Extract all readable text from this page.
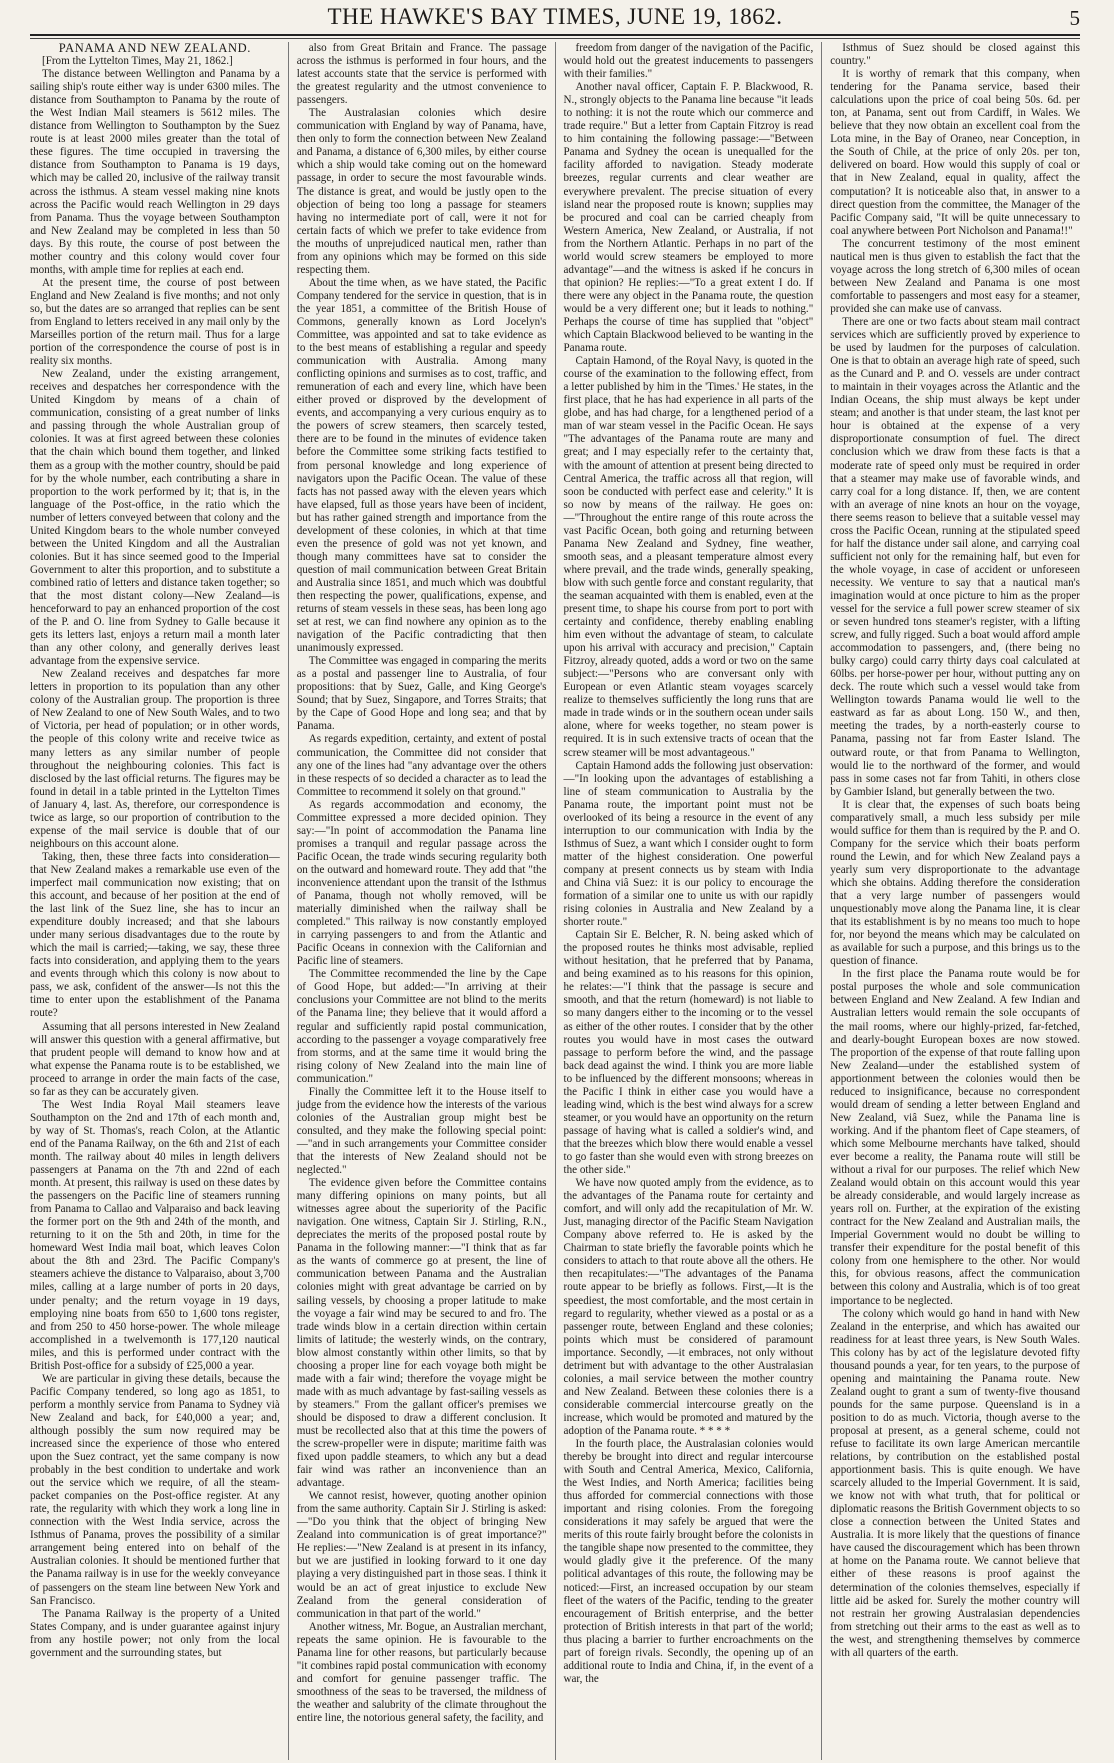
THE HAWKE'S BAY TIMES, JUNE 19, 1862.	5

PANAMA AND NEW ZEALAND.

[From the Lyttelton Times, May 21, 1862.]

The distance between Wellington and Panama by a sailing ship's route either way is under 6300 miles. The distance from Southampton to Panama by the route of the West Indian Mail steamers is 5612 miles. The distance from Wellington to Southampton by the Suez route is at least 2000 miles greater than the total of these figures. The time occupied in traversing the distance from Southampton to Panama is 19 days, which may be called 20, inclusive of the railway transit across the isthmus. A steam vessel making nine knots across the Pacific would reach Wellington in 29 days from Panama. Thus the voyage between Southampton and New Zealand may be completed in less than 50 days. By this route, the course of post between the mother country and this colony would cover four months, with ample time for replies at each end.

At the present time, the course of post between England and New Zealand is five months; and not only so, but the dates are so arranged that replies can be sent from England to letters received in any mail only by the Marseilles portion of the return mail. Thus for a large portion of the correspondence the course of post is in reality six months.

New Zealand, under the existing arrangement, receives and despatches her correspondence with the United Kingdom by means of a chain of communication, consisting of a great number of links and passing through the whole Australian group of colonies. It was at first agreed between these colonies that the chain which bound them together, and linked them as a group with the mother country, should be paid for by the whole number, each contributing a share in proportion to the work performed by it; that is, in the language of the Post-office, in the ratio which the number of letters conveyed between that colony and the United Kingdom bears to the whole number conveyed between the United Kingdom and all the Australian colonies. But it has since seemed good to the Imperial Government to alter this proportion, and to substitute a combined ratio of letters and distance taken together; so that the most distant colony—New Zealand—is henceforward to pay an enhanced proportion of the cost of the P. and O. line from Sydney to Galle because it gets its letters last, enjoys a return mail a month later than any other colony, and generally derives least advantage from the expensive service.

New Zealand receives and despatches far more letters in proportion to its population than any other colony of the Australian group. The proportion is three of New Zealand to one of New South Wales, and to two of Victoria, per head of population; or in other words, the people of this colony write and receive twice as many letters as any similar number of people throughout the neighbouring colonies. This fact is disclosed by the last official returns. The figures may be found in detail in a table printed in the Lyttelton Times of January 4, last. As, therefore, our correspondence is twice as large, so our proportion of contribution to the expense of the mail service is double that of our neighbours on this account alone.

Taking, then, these three facts into consideration—that New Zealand makes a remarkable use even of the imperfect mail communication now existing; that on this account, and because of her position at the end of the last link of the Suez line, she has to incur an expenditure doubly increased; and that she labours under many serious disadvantages due to the route by which the mail is carried;—taking, we say, these three facts into consideration, and applying them to the years and events through which this colony is now about to pass, we ask, confident of the answer—Is not this the time to enter upon the establishment of the Panama route?

Assuming that all persons interested in New Zealand will answer this question with a general affirmative, but that prudent people will demand to know how and at what expense the Panama route is to be established, we proceed to arrange in order the main facts of the case, so far as they can be accurately given.

The West India Royal Mail steamers leave Southampton on the 2nd and 17th of each month and, by way of St. Thomas's, reach Colon, at the Atlantic end of the Panama Railway, on the 6th and 21st of each month. The railway about 40 miles in length delivers passengers at Panama on the 7th and 22nd of each month. At present, this railway is used on these dates by the passengers on the Pacific line of steamers running from Panama to Callao and Valparaiso and back leaving the former port on the 9th and 24th of the month, and returning to it on the 5th and 20th, in time for the homeward West India mail boat, which leaves Colon about the 8th and 23rd. The Pacific Company's steamers achieve the distance to Valparaiso, about 3,700 miles, calling at a large number of ports in 20 days, under penalty; and the return voyage in 19 days, employing nine boats from 650 to 1,600 tons register, and from 250 to 450 horse-power. The whole mileage accomplished in a twelvemonth is 177,120 nautical miles, and this is performed under contract with the British Post-office for a subsidy of £25,000 a year.

We are particular in giving these details, because the Pacific Company tendered, so long ago as 1851, to perform a monthly service from Panama to Sydney vià New Zealand and back, for £40,000 a year; and, although possibly the sum now required may be increased since the experience of those who entered upon the Suez contract, yet the same company is now probably in the best condition to undertake and work out the service which we require, of all the steam-packet companies on the Post-office register. At any rate, the regularity with which they work a long line in connection with the West India service, across the Isthmus of Panama, proves the possibility of a similar arrangement being entered into on behalf of the Australian colonies. It should be mentioned further that the Panama railway is in use for the weekly conveyance of passengers on the steam line between New York and San Francisco.

The Panama Railway is the property of a United States Company, and is under guarantee against injury from any hostile power; not only from the local government and the surrounding states, but

also from Great Britain and France. The passage across the isthmus is performed in four hours, and the latest accounts state that the service is performed with the greatest regularity and the utmost convenience to passengers.

The Australasian colonies which desire communication with England by way of Panama, have, then only to form the connection between New Zealand and Panama, a distance of 6,300 miles, by either course which a ship would take coming out on the homeward passage, in order to secure the most favourable winds. The distance is great, and would be justly open to the objection of being too long a passage for steamers having no intermediate port of call, were it not for certain facts of which we prefer to take evidence from the mouths of unprejudiced nautical men, rather than from any opinions which may be formed on this side respecting them.

About the time when, as we have stated, the Pacific Company tendered for the service in question, that is in the year 1851, a committee of the British House of Commons, generally known as Lord Jocelyn's Committee, was appointed and sat to take evidence as to the best means of establishing a regular and speedy communication with Australia. Among many conflicting opinions and surmises as to cost, traffic, and remuneration of each and every line, which have been either proved or disproved by the development of events, and accompanying a very curious enquiry as to the powers of screw steamers, then scarcely tested, there are to be found in the minutes of evidence taken before the Committee some striking facts testified to from personal knowledge and long experience of navigators upon the Pacific Ocean. The value of these facts has not passed away with the eleven years which have elapsed, full as those years have been of incident, but has rather gained strength and importance from the development of these colonies, in which at that time even the presence of gold was not yet known, and though many committees have sat to consider the question of mail communication between Great Britain and Australia since 1851, and much which was doubtful then respecting the power, qualifications, expense, and returns of steam vessels in these seas, has been long ago set at rest, we can find nowhere any opinion as to the navigation of the Pacific contradicting that then unanimously expressed.

The Committee was engaged in comparing the merits as a postal and passenger line to Australia, of four propositions: that by Suez, Galle, and King George's Sound; that by Suez, Singapore, and Torres Straits; that by the Cape of Good Hope and long sea; and that by Panama.

As regards expedition, certainty, and extent of postal communication, the Committee did not consider that any one of the lines had "any advantage over the others in these respects of so decided a character as to lead the Committee to recommend it solely on that ground."

As regards accommodation and economy, the Committee expressed a more decided opinion. They say:—"In point of accommodation the Panama line promises a tranquil and regular passage across the Pacific Ocean, the trade winds securing regularity both on the outward and homeward route. They add that "the inconvenience attendant upon the transit of the Isthmus of Panama, though not wholly removed, will be materially diminished when the railway shall be completed." This railway is now constantly employed in carrying passengers to and from the Atlantic and Pacific Oceans in connexion with the Californian and Pacific line of steamers.

The Committee recommended the line by the Cape of Good Hope, but added:—"In arriving at their conclusions your Committee are not blind to the merits of the Panama line; they believe that it would afford a regular and sufficiently rapid postal communication, according to the passenger a voyage comparatively free from storms, and at the same time it would bring the rising colony of New Zealand into the main line of communication."

Finally the Committee left it to the House itself to judge from the evidence how the interests of the various colonies of the Australian group might best be consulted, and they make the following special point:—"and in such arrangements your Committee consider that the interests of New Zealand should not be neglected."

The evidence given before the Committee contains many differing opinions on many points, but all witnesses agree about the superiority of the Pacific navigation. One witness, Captain Sir J. Stirling, R.N., depreciates the merits of the proposed postal route by Panama in the following manner:—"I think that as far as the wants of commerce go at present, the line of communication between Panama and the Australian colonies might with great advantage be carried on by sailing vessels, by choosing a proper latitude to make the voyage a fair wind may be secured to and fro. The trade winds blow in a certain direction within certain limits of latitude; the westerly winds, on the contrary, blow almost constantly within other limits, so that by choosing a proper line for each voyage both might be made with a fair wind; therefore the voyage might be made with as much advantage by fast-sailing vessels as by steamers." From the gallant officer's premises we should be disposed to draw a different conclusion. It must be recollected also that at this time the powers of the screw-propeller were in dispute; maritime faith was fixed upon paddle steamers, to which any but a dead fair wind was rather an inconvenience than an advantage.

We cannot resist, however, quoting another opinion from the same authority. Captain Sir J. Stirling is asked:—"Do you think that the object of bringing New Zealand into communication is of great importance?" He replies:—"New Zealand is at present in its infancy, but we are justified in looking forward to it one day playing a very distinguished part in those seas. I think it would be an act of great injustice to exclude New Zealand from the general consideration of communication in that part of the world."

Another witness, Mr. Bogue, an Australian merchant, repeats the same opinion. He is favourable to the Panama line for other reasons, but particularly because "it combines rapid postal communication with economy and comfort for genuine passenger traffic. The smoothness of the seas to be traversed, the mildness of the weather and salubrity of the climate throughout the entire line, the notorious general safety, the facility, and

freedom from danger of the navigation of the Pacific, would hold out the greatest inducements to passengers with their families."

Another naval officer, Captain F. P. Blackwood, R. N., strongly objects to the Panama line because "it leads to nothing: it is not the route which our commerce and trade require." But a letter from Captain Fitzroy is read to him containing the following passage:—"Between Panama and Sydney the ocean is unequalled for the facility afforded to navigation. Steady moderate breezes, regular currents and clear weather are everywhere prevalent. The precise situation of every island near the proposed route is known; supplies may be procured and coal can be carried cheaply from Western America, New Zealand, or Australia, if not from the Northern Atlantic. Perhaps in no part of the world would screw steamers be employed to more advantage"—and the witness is asked if he concurs in that opinion? He replies:—"To a great extent I do. If there were any object in the Panama route, the question would be a very different one; but it leads to nothing." Perhaps the course of time has supplied that "object" which Captain Blackwood believed to be wanting in the Panama route.

Captain Hamond, of the Royal Navy, is quoted in the course of the examination to the following effect, from a letter published by him in the 'Times.' He states, in the first place, that he has had experience in all parts of the globe, and has had charge, for a lengthened period of a man of war steam vessel in the Pacific Ocean. He says "The advantages of the Panama route are many and great; and I may especially refer to the certainty that, with the amount of attention at present being directed to Central America, the traffic across all that region, will soon be conducted with perfect ease and celerity." It is so now by means of the railway. He goes on:—"Throughout the entire range of this route across the vast Pacific Ocean, both going and returning between Panama New Zealand and Sydney, fine weather, smooth seas, and a pleasant temperature almost every where prevail, and the trade winds, generally speaking, blow with such gentle force and constant regularity, that the seaman acquainted with them is enabled, even at the present time, to shape his course from port to port with certainty and confidence, thereby enabling enabling him even without the advantage of steam, to calculate upon his arrival with accuracy and precision," Captain Fitzroy, already quoted, adds a word or two on the same subject:—"Persons who are conversant only with European or even Atlantic steam voyages scarcely realize to themselves sufficiently the long runs that are made in trade winds or in the southern ocean under sails alone, where for weeks together, no steam power is required. It is in such extensive tracts of ocean that the screw steamer will be most advantageous."

Captain Hamond adds the following just observation:—"In looking upon the advantages of establishing a line of steam communication to Australia by the Panama route, the important point must not be overlooked of its being a resource in the event of any interruption to our communication with India by the Isthmus of Suez, a want which I consider ought to form matter of the highest consideration. One powerful company at present connects us by steam with India and China viâ Suez: it is our policy to encourage the formation of a similar one to unite us with our rapidly rising colonies in Australia and New Zealand by a shorter route."

Captain Sir E. Belcher, R. N. being asked which of the proposed routes he thinks most advisable, replied without hesitation, that he preferred that by Panama, and being examined as to his reasons for this opinion, he relates:—"I think that the passage is secure and smooth, and that the return (homeward) is not liable to so many dangers either to the incoming or to the vessel as either of the other routes. I consider that by the other routes you would have in most cases the outward passage to perform before the wind, and the passage back dead against the wind. I think you are more liable to be influenced by the different monsoons; whereas in the Pacific I think in either case you would have a leading wind, which is the best wind always for a screw steamer, or you would have an opportunity on the return passage of having what is called a soldier's wind, and that the breezes which blow there would enable a vessel to go faster than she would even with strong breezes on the other side."

We have now quoted amply from the evidence, as to the advantages of the Panama route for certainty and comfort, and will only add the recapitulation of Mr. W. Just, managing director of the Pacific Steam Navigation Company above referred to. He is asked by the Chairman to state briefly the favorable points which he considers to attach to that route above all the others. He then recapitulates:—"The advantages of the Panama route appear to be briefly as follows. First,—It is the speediest, the most comfortable, and the most certain in regard to regularity, whether viewed as a postal or as a passenger route, between England and these colonies; points which must be considered of paramount importance. Secondly, —it embraces, not only without detriment but with advantage to the other Australasian colonies, a mail service between the mother country and New Zealand. Between these colonies there is a considerable commercial intercourse greatly on the increase, which would be promoted and matured by the adoption of the Panama route. * * * *

In the fourth place, the Australasian colonies would thereby be brought into direct and regular intercourse with South and Central America, Mexico, California, the West Indies, and North America; facilities being thus afforded for commercial connections with those important and rising colonies. From the foregoing considerations it may safely be argued that were the merits of this route fairly brought before the colonists in the tangible shape now presented to the committee, they would gladly give it the preference. Of the many political advantages of this route, the following may be noticed:—First, an increased occupation by our steam fleet of the waters of the Pacific, tending to the greater encouragement of British enterprise, and the better protection of British interests in that part of the world; thus placing a barrier to further encroachments on the part of foreign rivals. Secondly, the opening up of an additional route to India and China, if, in the event of a war, the

Isthmus of Suez should be closed against this country."

It is worthy of remark that this company, when tendering for the Panama service, based their calculations upon the price of coal being 50s. 6d. per ton, at Panama, sent out from Cardiff, in Wales. We believe that they now obtain an excellent coal from the Lota mine, in the Bay of Oraneo, near Conception, in the South of Chile, at the price of only 20s. per ton, delivered on board. How would this supply of coal or that in New Zealand, equal in quality, affect the computation? It is noticeable also that, in answer to a direct question from the committee, the Manager of the Pacific Company said, "It will be quite unnecessary to coal anywhere between Port Nicholson and Panama!!"

The concurrent testimony of the most eminent nautical men is thus given to establish the fact that the voyage across the long stretch of 6,300 miles of ocean between New Zealand and Panama is one most comfortable to passengers and most easy for a steamer, provided she can make use of canvass.

There are one or two facts about steam mail contract services which are sufficiently proved by experience to be used by laudmen for the purposes of calculation. One is that to obtain an average high rate of speed, such as the Cunard and P. and O. vessels are under contract to maintain in their voyages across the Atlantic and the Indian Oceans, the ship must always be kept under steam; and another is that under steam, the last knot per hour is obtained at the expense of a very disproportionate consumption of fuel. The direct conclusion which we draw from these facts is that a moderate rate of speed only must be required in order that a steamer may make use of favorable winds, and carry coal for a long distance. If, then, we are content with an average of nine knots an hour on the voyage, there seems reason to believe that a suitable vessel may cross the Pacific Ocean, running at the stipulated speed for half the distance under sail alone, and carrying coal sufficient not only for the remaining half, but even for the whole voyage, in case of accident or unforeseen necessity. We venture to say that a nautical man's imagination would at once picture to him as the proper vessel for the service a full power screw steamer of six or seven hundred tons steamer's register, with a lifting screw, and fully rigged. Such a boat would afford ample accommodation to passengers, and, (there being no bulky cargo) could carry thirty days coal calculated at 60lbs. per horse-power per hour, without putting any on deck. The route which such a vessel would take from Wellington towards Panama would lie well to the eastward as far as about Long. 150 W., and then, meeting the trades, by a north-easterly course to Panama, passing not far from Easter Island. The outward route, or that from Panama to Wellington, would lie to the northward of the former, and would pass in some cases not far from Tahiti, in others close by Gambier Island, but generally between the two.

It is clear that, the expenses of such boats being comparatively small, a much less subsidy per mile would suffice for them than is required by the P. and O. Company for the service which their boats perform round the Lewin, and for which New Zealand pays a yearly sum very disproportionate to the advantage which she obtains. Adding therefore the consideration that a very large number of passengers would unquestionably move along the Panama line, it is clear that its establishment is by no means too much to hope for, nor beyond the means which may be calculated on as available for such a purpose, and this brings us to the question of finance.

In the first place the Panama route would be for postal purposes the whole and sole communication between England and New Zealand. A few Indian and Australian letters would remain the sole occupants of the mail rooms, where our highly-prized, far-fetched, and dearly-bought European boxes are now stowed. The proportion of the expense of that route falling upon New Zealand—under the established system of apportionment between the colonies would then be reduced to insignificance, because no correspondent would dream of sending a letter between England and New Zealand, viâ Suez, while the Panama line is working. And if the phantom fleet of Cape steamers, of which some Melbourne merchants have talked, should ever become a reality, the Panama route will still be without a rival for our purposes. The relief which New Zealand would obtain on this account would this year be already considerable, and would largely increase as years roll on. Further, at the expiration of the existing contract for the New Zealand and Australian mails, the Imperial Government would no doubt be willing to transfer their expenditure for the postal benefit of this colony from one hemisphere to the other. Nor would this, for obvious reasons, affect the communication between this colony and Australia, which is of too great importance to be neglected.

The colony which would go hand in hand with New Zealand in the enterprise, and which has awaited our readiness for at least three years, is New South Wales. This colony has by act of the legislature devoted fifty thousand pounds a year, for ten years, to the purpose of opening and maintaining the Panama route. New Zealand ought to grant a sum of twenty-five thousand pounds for the same purpose. Queensland is in a position to do as much. Victoria, though averse to the proposal at present, as a general scheme, could not refuse to facilitate its own large American mercantile relations, by contribution on the established postal apportionment basis. This is quite enough. We have scarcely alluded to the Imperial Government. It is said, we know not with what truth, that for political or diplomatic reasons the British Government objects to so close a connection between the United States and Australia. It is more likely that the questions of finance have caused the discouragement which has been thrown at home on the Panama route. We cannot believe that either of these reasons is proof against the determination of the colonies themselves, especially if little aid be asked for. Surely the mother country will not restrain her growing Australasian dependencies from stretching out their arms to the east as well as to the west, and strengthening themselves by commerce with all quarters of the earth.
